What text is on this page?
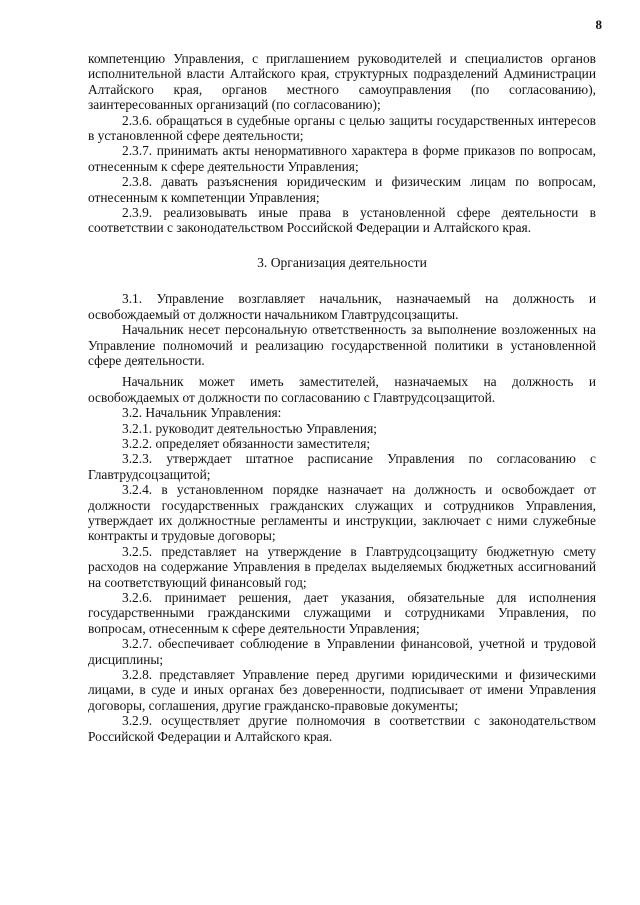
8

компетенцию Управления, с приглашением руководителей и специалистов органов исполнительной власти Алтайского края, структурных подразделений Администрации Алтайского края, органов местного самоуправления (по согласованию), заинтересованных организаций (по согласованию);

2.3.6. обращаться в судебные органы с целью защиты государственных интересов в установленной сфере деятельности;

2.3.7. принимать акты ненормативного характера в форме приказов по вопросам, отнесенным к сфере деятельности Управления;

2.3.8. давать разъяснения юридическим и физическим лицам по вопросам, отнесенным к компетенции Управления;

2.3.9. реализовывать иные права в установленной сфере деятельности в соответствии с законодательством Российской Федерации и Алтайского края.

3. Организация деятельности

3.1. Управление возглавляет начальник, назначаемый на должность и освобождаемый от должности начальником Главтрудсоцзащиты.

Начальник несет персональную ответственность за выполнение возложенных на Управление полномочий и реализацию государственной политики в установленной сфере деятельности.

Начальник может иметь заместителей, назначаемых на должность и освобождаемых от должности по согласованию с Главтрудсоцзащитой.

3.2. Начальник Управления:

3.2.1. руководит деятельностью Управления;

3.2.2. определяет обязанности заместителя;

3.2.3. утверждает штатное расписание Управления по согласованию с Главтрудсоцзащитой;

3.2.4. в установленном порядке назначает на должность и освобождает от должности государственных гражданских служащих и сотрудников Управления, утверждает их должностные регламенты и инструкции, заключает с ними служебные контракты и трудовые договоры;

3.2.5. представляет на утверждение в Главтрудсоцзащиту бюджетную смету расходов на содержание Управления в пределах выделяемых бюджетных ассигнований на соответствующий финансовый год;

3.2.6. принимает решения, дает указания, обязательные для исполнения государственными гражданскими служащими и сотрудниками Управления, по вопросам, отнесенным к сфере деятельности Управления;

3.2.7. обеспечивает соблюдение в Управлении финансовой, учетной и трудовой дисциплины;

3.2.8. представляет Управление перед другими юридическими и физическими лицами, в суде и иных органах без доверенности, подписывает от имени Управления договоры, соглашения, другие гражданско-правовые документы;

3.2.9. осуществляет другие полномочия в соответствии с законодательством Российской Федерации и Алтайского края.
